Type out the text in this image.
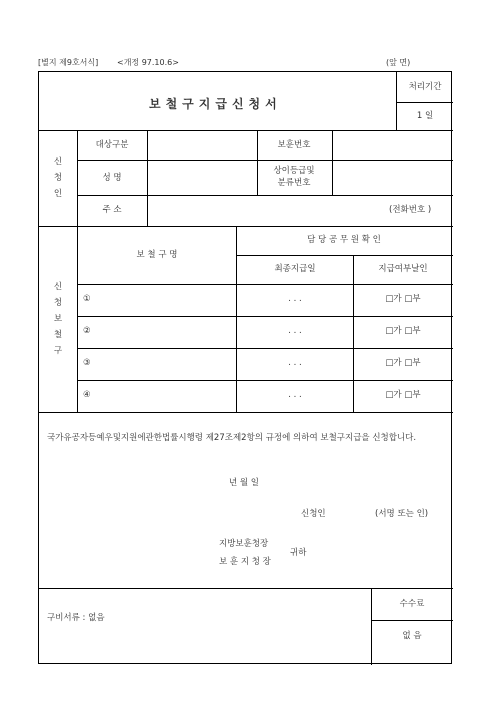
[별지 제9호서식] <개정 97.10.6>	(앞 면)
보철구지급신청서
처리기간
1 일
신
청
인
대상구분	보훈번호
성 명
상이등급및
분류번호
주 소	(전화번호 )
신
청
보
철
구
보 철 구 명
담 당 공 무 원 확 인
최종지급일	지급여부날인
①	. . .	□가 □부
②	. . .	□가 □부
③	. . .	□가 □부
④	. . .	□가 □부
국가유공자등예우및지원에관한법률시행령 제27조제2항의 규정에 의하여 보철구지급을 신청합니다.
년 월 일
신청인	(서명 또는 인)
지방보훈청장
보 훈 지 청 장
귀하
구비서류 : 없음
수수료
없 음
